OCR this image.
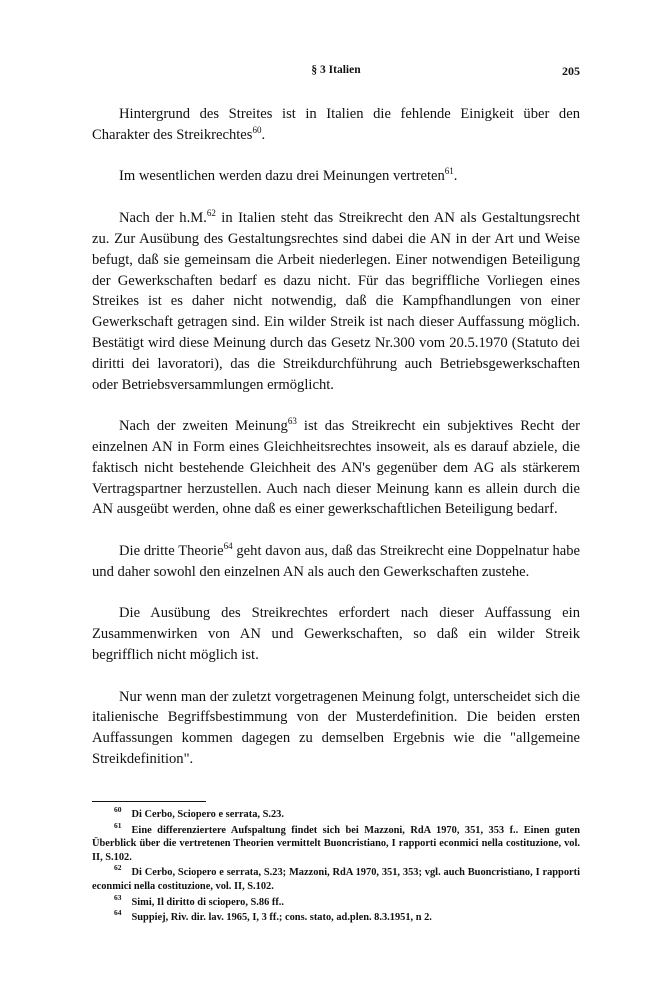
§ 3 Italien	205

Hintergrund des Streites ist in Italien die fehlende Einigkeit über den Charakter des Streikrechtes$^{60}$.

Im wesentlichen werden dazu drei Meinungen vertreten$^{61}$.

Nach der h.M.$^{62}$ in Italien steht das Streikrecht den AN als Gestaltungsrecht zu. Zur Ausübung des Gestaltungsrechtes sind dabei die AN in der Art und Weise befugt, daß sie gemeinsam die Arbeit niederlegen. Einer notwendigen Beteiligung der Gewerkschaften bedarf es dazu nicht. Für das begriffliche Vorliegen eines Streikes ist es daher nicht notwendig, daß die Kampfhandlungen von einer Gewerkschaft getragen sind. Ein wilder Streik ist nach dieser Auffassung möglich. Bestätigt wird diese Meinung durch das Gesetz Nr.300 vom 20.5.1970 (Statuto dei diritti dei lavoratori), das die Streikdurchführung auch Betriebsgewerkschaften oder Betriebsversammlungen ermöglicht.

Nach der zweiten Meinung$^{63}$ ist das Streikrecht ein subjektives Recht der einzelnen AN in Form eines Gleichheitsrechtes insoweit, als es darauf abziele, die faktisch nicht bestehende Gleichheit des AN's gegenüber dem AG als stärkerem Vertragspartner herzustellen. Auch nach dieser Meinung kann es allein durch die AN ausgeübt werden, ohne daß es einer gewerkschaftlichen Beteiligung bedarf.

Die dritte Theorie$^{64}$ geht davon aus, daß das Streikrecht eine Doppelnatur habe und daher sowohl den einzelnen AN als auch den Gewerkschaften zustehe.

Die Ausübung des Streikrechtes erfordert nach dieser Auffassung ein Zusammenwirken von AN und Gewerkschaften, so daß ein wilder Streik begrifflich nicht möglich ist.

Nur wenn man der zuletzt vorgetragenen Meinung folgt, unterscheidet sich die italienische Begriffsbestimmung von der Musterdefinition. Die beiden ersten Auffassungen kommen dagegen zu demselben Ergebnis wie die "allgemeine Streikdefinition".

60 Di Cerbo, Sciopero e serrata, S.23.
61 Eine differenziertere Aufspaltung findet sich bei Mazzoni, RdA 1970, 351, 353 f.. Einen guten Überblick über die vertretenen Theorien vermittelt Buoncristiano, I rapporti econmici nella costituzione, vol. II, S.102.
62 Di Cerbo, Sciopero e serrata, S.23; Mazzoni, RdA 1970, 351, 353; vgl. auch Buoncristiano, I rapporti econmici nella costituzione, vol. II, S.102.
63 Simi, Il diritto di sciopero, S.86 ff..
64 Suppiej, Riv. dir. lav. 1965, I, 3 ff.; cons. stato, ad.plen. 8.3.1951, n 2.
